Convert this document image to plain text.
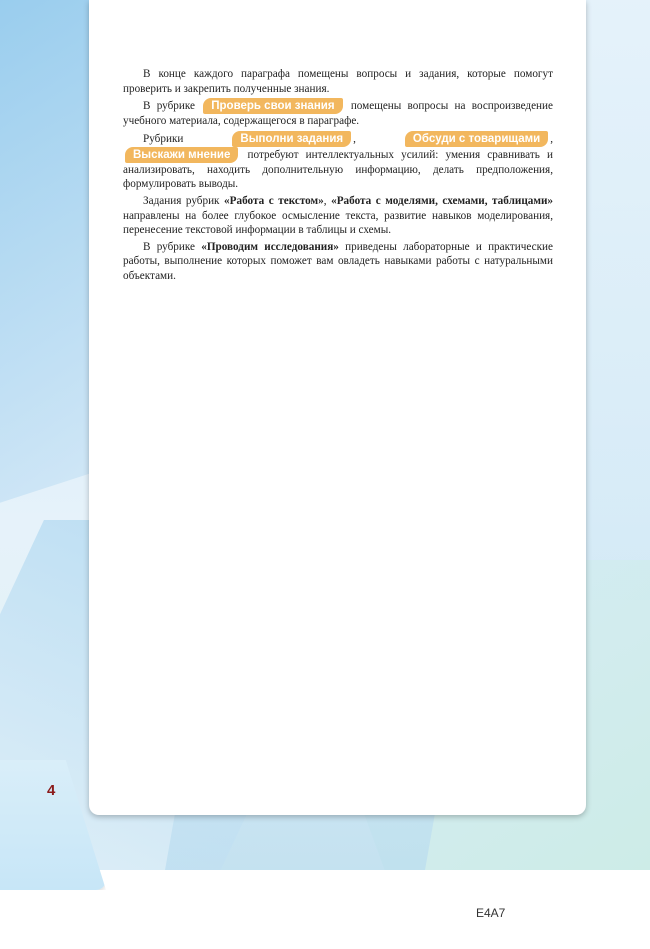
4

В конце каждого параграфа помещены вопросы и задания, которые помогут проверить и закрепить полученные знания.

В рубрике Проверь свои знания помещены вопросы на воспроизведение учебного материала, содержащегося в параграфе.

Рубрики	Выполни задания ,	Обсуди с товарищами , Выскажи мнение потребуют интеллектуальных усилий: умения сравнивать и анализировать, находить дополнительную информацию, делать предположения, формулировать выводы.

Задания рубрик «Работа с текстом», «Работа с моделями, схемами, таблицами» направлены на более глубокое осмысление текста, развитие навыков моделирования, перенесение текстовой информации в таблицы и схемы.

В рубрике «Проводим исследования» приведены лабораторные и практические работы, выполнение которых поможет вам овладеть навыками работы с натуральными объектами.

E4A7
